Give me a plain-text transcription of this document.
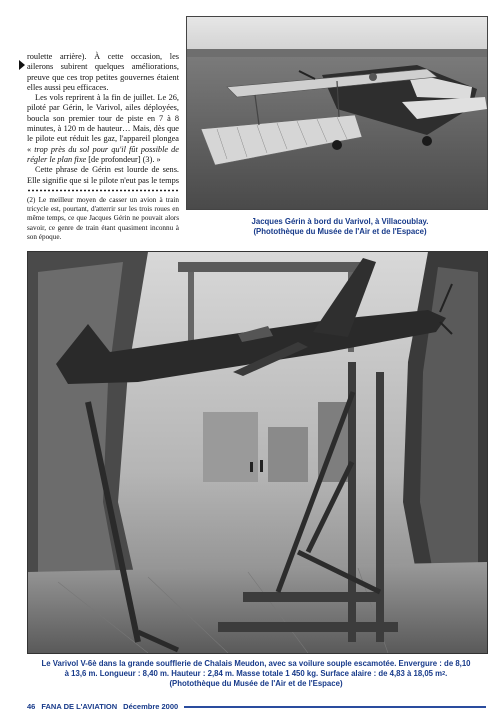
roulette arrière). À cette occasion, les ailerons subirent quelques améliorations, preuve que ces trop petites gouvernes étaient elles aussi peu efficaces.

Les vols reprirent à la fin de juillet. Le 26, piloté par Gérin, le Varivol, ailes déployées, boucla son premier tour de piste en 7 à 8 minutes, à 120 m de hauteur… Mais, dès que le pilote eut réduit les gaz, l'appareil plongea « trop près du sol pour qu'il fût possible de régler le plan fixe [de profondeur] (3). »

Cette phrase de Gérin est lourde de sens. Elle signifie que si le pilote n'eut pas le temps

(2) Le meilleur moyen de casser un avion à train tricycle est, pourtant, d'atterrir sur les trois roues en même temps, ce que Jacques Gérin ne pouvait alors savoir, ce genre de train étant quasiment inconnu à son époque.
Jacques Gérin à bord du Varivol, à Villacoublay.
(Photothèque du Musée de l'Air et de l'Espace)
Le Varivol V-6è dans la grande soufflerie de Chalais Meudon, avec sa voilure souple escamotée. Envergure : de 8,10
à 13,6 m. Longueur : 8,40 m. Hauteur : 2,84 m. Masse totale 1 450 kg. Surface alaire : de 4,83 à 18,05 $m^2$.
(Photothèque du Musée de l'Air et de l'Espace)
46 FANA DE L'AVIATION Décembre 2000
